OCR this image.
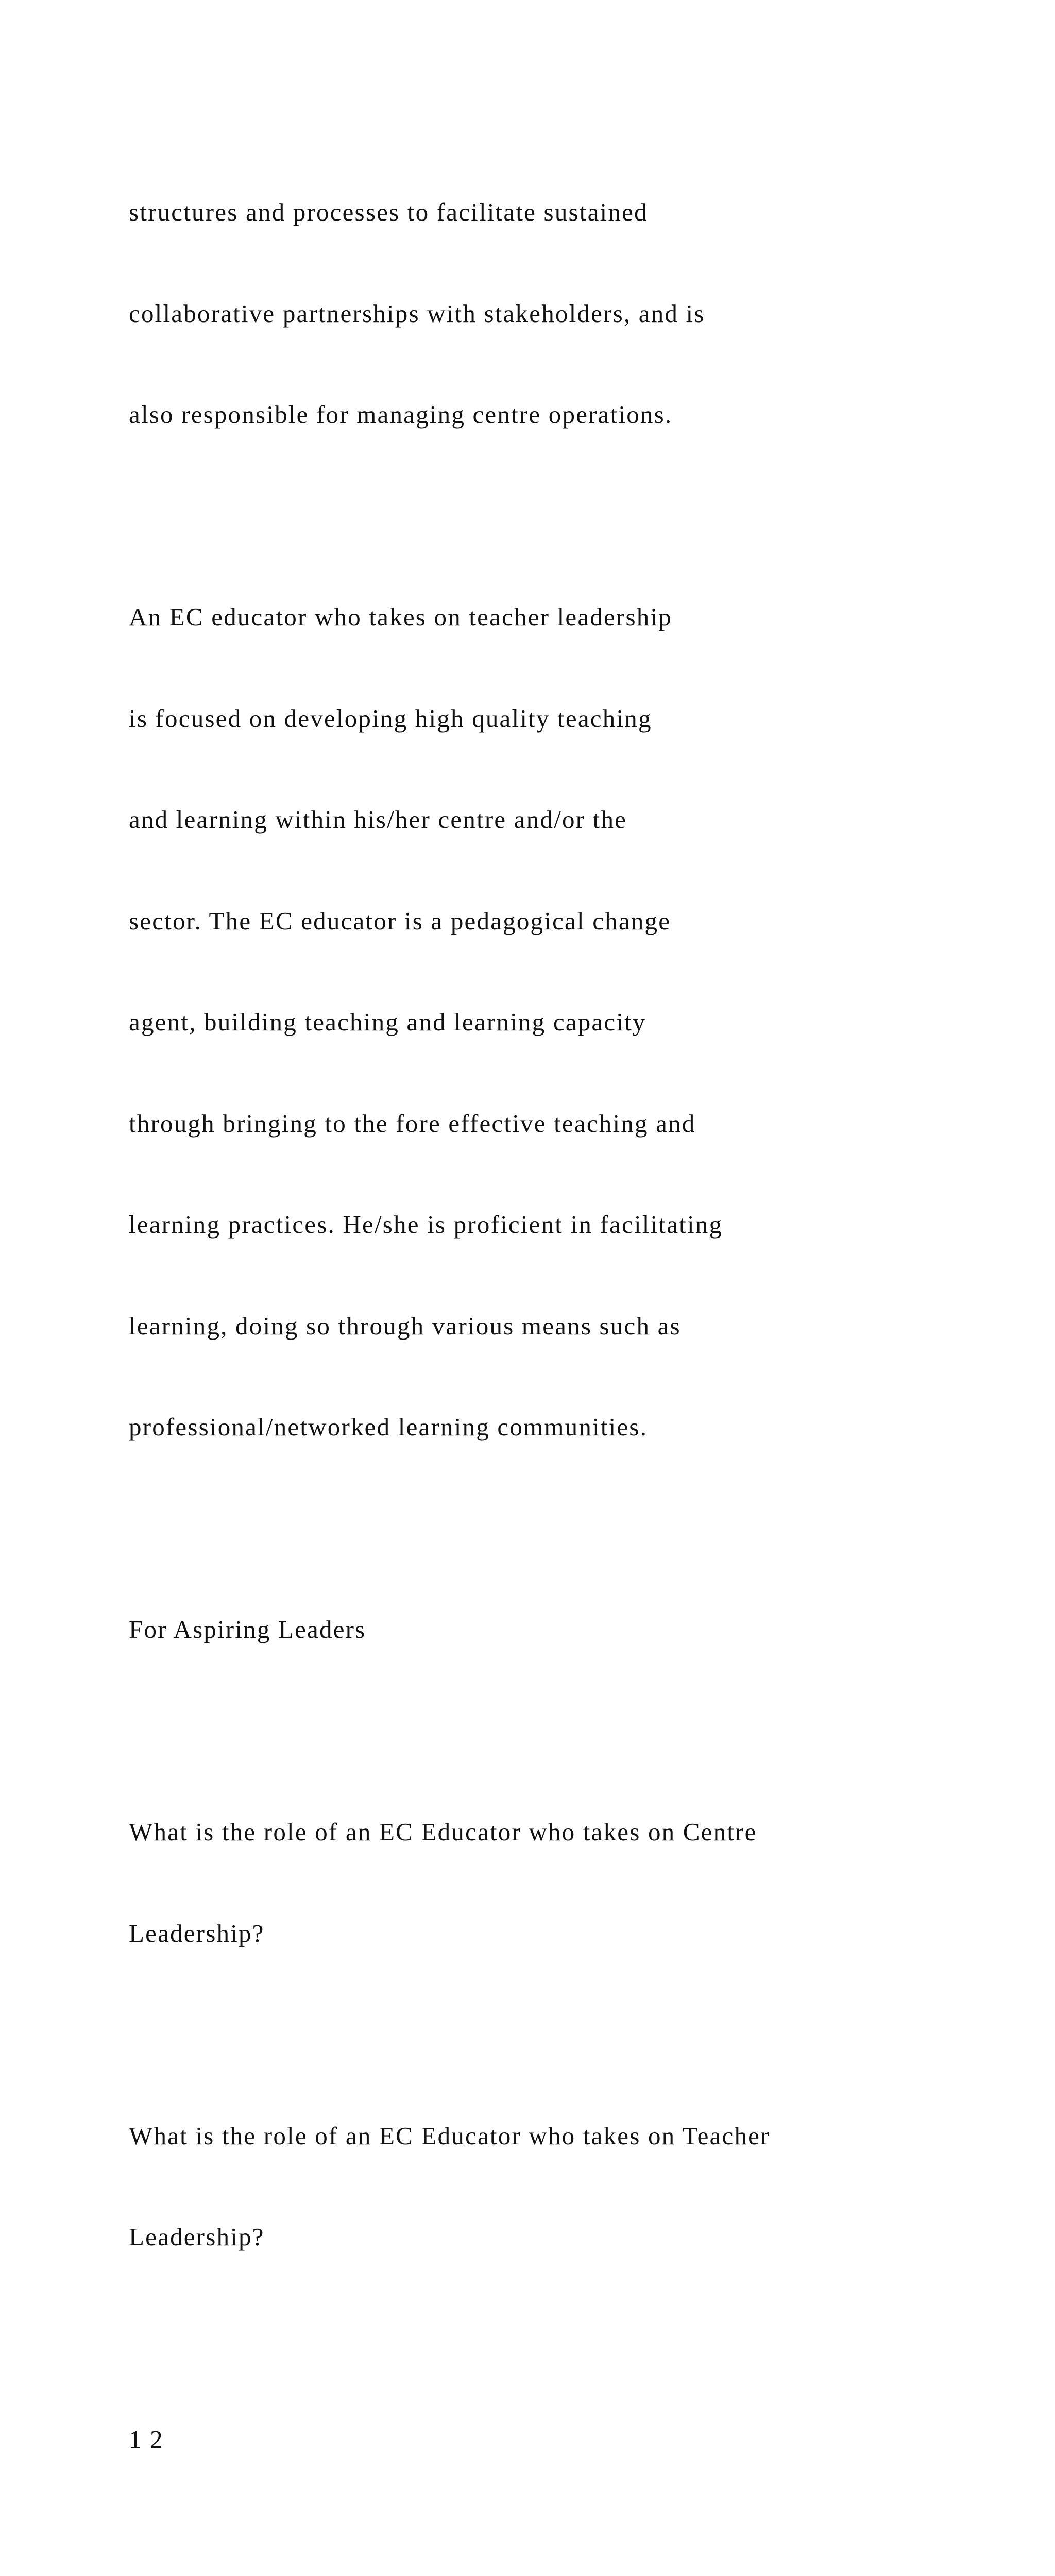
structures and processes to facilitate sustained

collaborative partnerships with stakeholders, and is

also responsible for managing centre operations.

An EC educator who takes on teacher leadership

is focused on developing high quality teaching

and learning within his/her centre and/or the

sector. The EC educator is a pedagogical change

agent, building teaching and learning capacity

through bringing to the fore effective teaching and

learning practices. He/she is proficient in facilitating

learning, doing so through various means such as

professional/networked learning communities.

For Aspiring Leaders

What is the role of an EC Educator who takes on Centre

Leadership?

What is the role of an EC Educator who takes on Teacher

Leadership?

1 2
